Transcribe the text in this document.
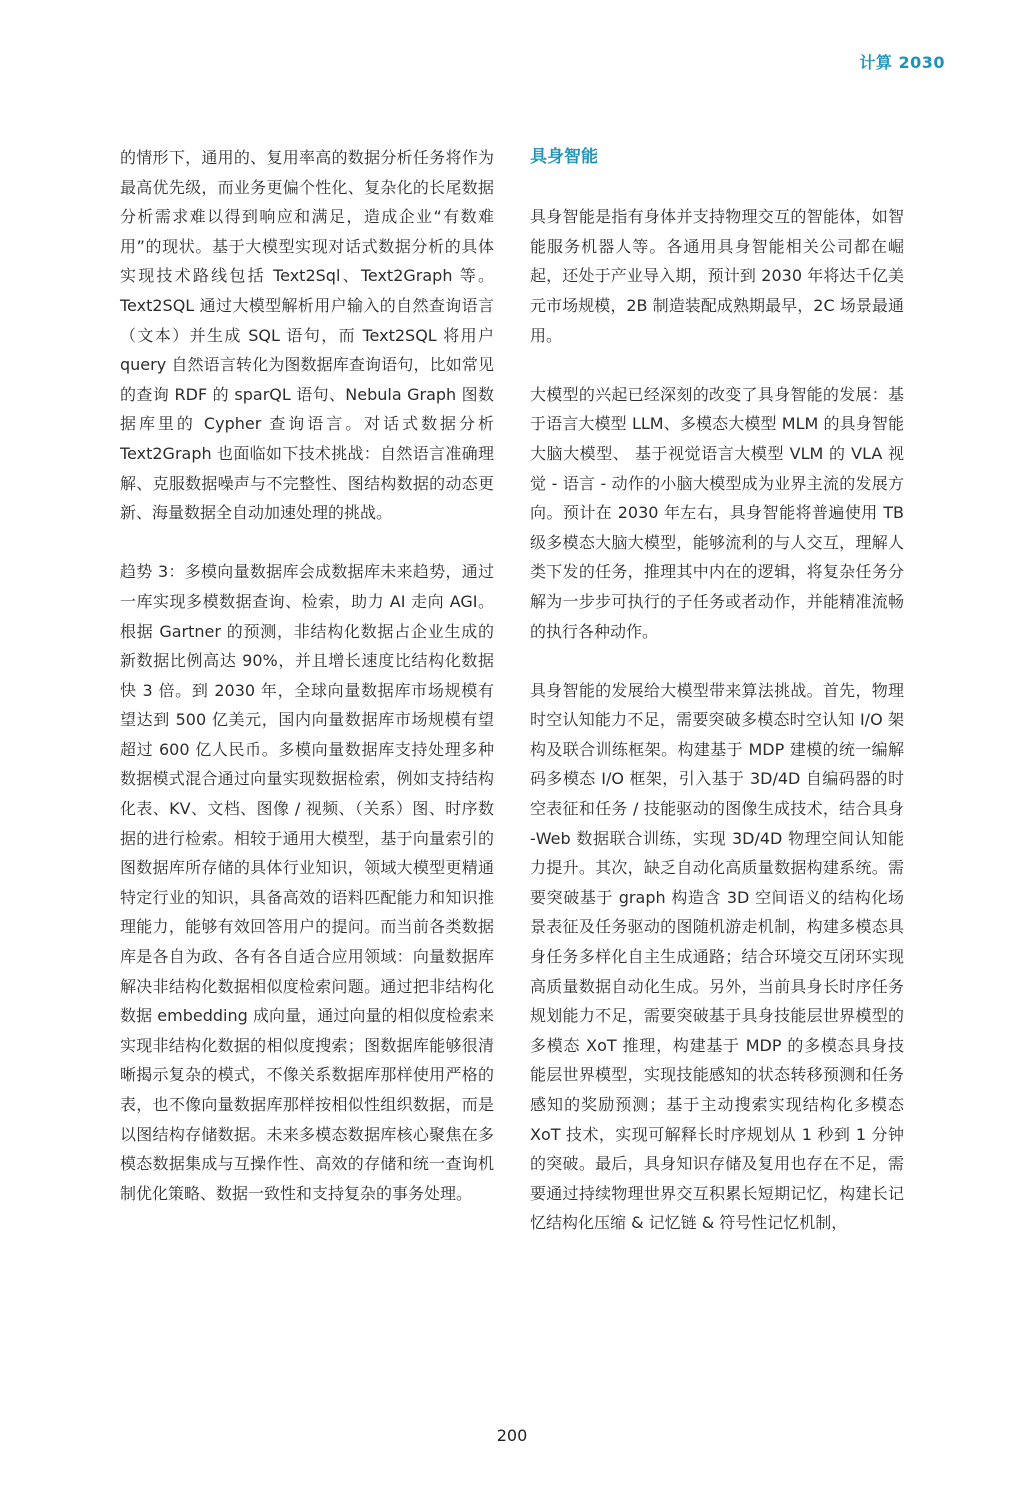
计算 2030

的情形下，通用的、复用率高的数据分析任务将作为最高优先级，而业务更偏个性化、复杂化的长尾数据分析需求难以得到响应和满足，造成企业“有数难用”的现状。基于大模型实现对话式数据分析的具体实现技术路线包括 Text2Sql、Text2Graph 等。Text2SQL 通过大模型解析用户输入的自然查询语言（文本）并生成 SQL 语句，而 Text2SQL 将用户 query 自然语言转化为图数据库查询语句，比如常见的查询 RDF 的 sparQL 语句、Nebula Graph 图数据库里的 Cypher 查询语言。对话式数据分析 Text2Graph 也面临如下技术挑战：自然语言准确理解、克服数据噪声与不完整性、图结构数据的动态更新、海量数据全自动加速处理的挑战。

趋势 3：多模向量数据库会成数据库未来趋势，通过一库实现多模数据查询、检索，助力 AI 走向 AGI。根据 Gartner 的预测，非结构化数据占企业生成的新数据比例高达 90%，并且增长速度比结构化数据快 3 倍。到 2030 年，全球向量数据库市场规模有望达到 500 亿美元，国内向量数据库市场规模有望超过 600 亿人民币。多模向量数据库支持处理多种数据模式混合通过向量实现数据检索，例如支持结构化表、KV、文档、图像 / 视频、（关系）图、时序数据的进行检索。相较于通用大模型，基于向量索引的图数据库所存储的具体行业知识，领域大模型更精通特定行业的知识，具备高效的语料匹配能力和知识推理能力，能够有效回答用户的提问。而当前各类数据库是各自为政、各有各自适合应用领域：向量数据库解决非结构化数据相似度检索问题。通过把非结构化数据 embedding 成向量，通过向量的相似度检索来实现非结构化数据的相似度搜索；图数据库能够很清晰揭示复杂的模式，不像关系数据库那样使用严格的表，也不像向量数据库那样按相似性组织数据，而是以图结构存储数据。未来多模态数据库核心聚焦在多模态数据集成与互操作性、高效的存储和统一查询机制优化策略、数据一致性和支持复杂的事务处理。

具身智能

具身智能是指有身体并支持物理交互的智能体，如智能服务机器人等。各通用具身智能相关公司都在崛起，还处于产业导入期，预计到 2030 年将达千亿美元市场规模，2B 制造装配成熟期最早，2C 场景最通用。

大模型的兴起已经深刻的改变了具身智能的发展：基于语言大模型 LLM、多模态大模型 MLM 的具身智能大脑大模型、 基于视觉语言大模型 VLM 的 VLA 视觉 - 语言 - 动作的小脑大模型成为业界主流的发展方向。预计在 2030 年左右，具身智能将普遍使用 TB 级多模态大脑大模型，能够流利的与人交互，理解人类下发的任务，推理其中内在的逻辑，将复杂任务分解为一步步可执行的子任务或者动作，并能精准流畅的执行各种动作。

具身智能的发展给大模型带来算法挑战。首先，物理时空认知能力不足，需要突破多模态时空认知 I/O 架构及联合训练框架。构建基于 MDP 建模的统一编解码多模态 I/O 框架，引入基于 3D/4D 自编码器的时空表征和任务 / 技能驱动的图像生成技术，结合具身 -Web 数据联合训练，实现 3D/4D 物理空间认知能力提升。其次，缺乏自动化高质量数据构建系统。需要突破基于 graph 构造含 3D 空间语义的结构化场景表征及任务驱动的图随机游走机制，构建多模态具身任务多样化自主生成通路；结合环境交互闭环实现高质量数据自动化生成。另外，当前具身长时序任务规划能力不足，需要突破基于具身技能层世界模型的多模态 XoT 推理，构建基于 MDP 的多模态具身技能层世界模型，实现技能感知的状态转移预测和任务感知的奖励预测；基于主动搜索实现结构化多模态 XoT 技术，实现可解释长时序规划从 1 秒到 1 分钟的突破。最后，具身知识存储及复用也存在不足，需要通过持续物理世界交互积累长短期记忆，构建长记忆结构化压缩 & 记忆链 & 符号性记忆机制，

200
